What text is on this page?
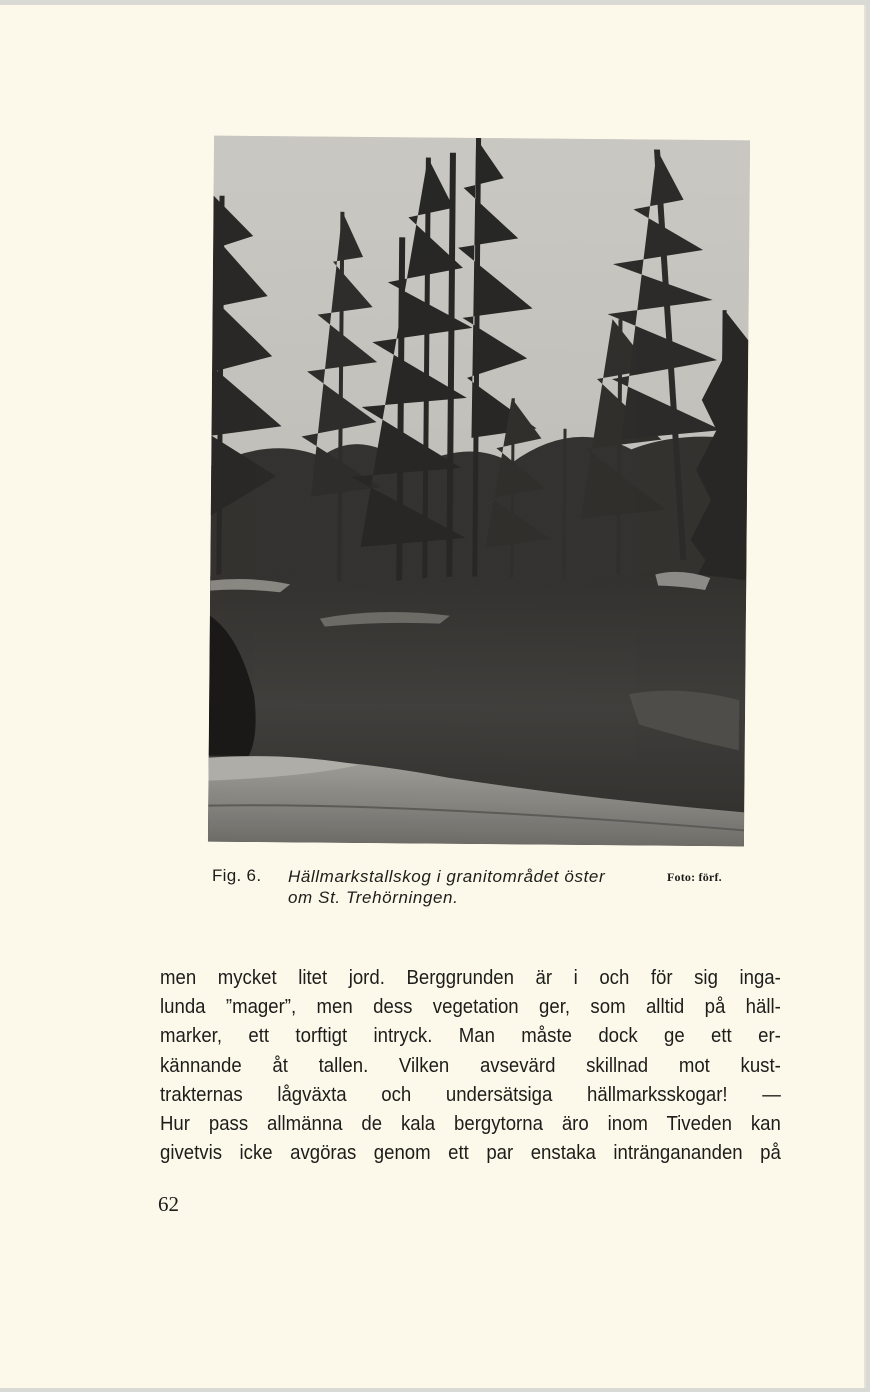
Fig. 6. Hällmarkstallskog i granitområdet öster
om St. Trehörningen.
Foto: förf.
men mycket litet jord. Berggrunden är i och för sig inga-
lunda ”mager”, men dess vegetation ger, som alltid på häll-
marker, ett torftigt intryck. Man måste dock ge ett er-
kännande åt tallen. Vilken avsevärd skillnad mot kust-
trakternas lågväxta och undersätsiga hällmarksskogar! —
Hur pass allmänna de kala bergytorna äro inom Tiveden kan
givetvis icke avgöras genom ett par enstaka inträngananden på
62
